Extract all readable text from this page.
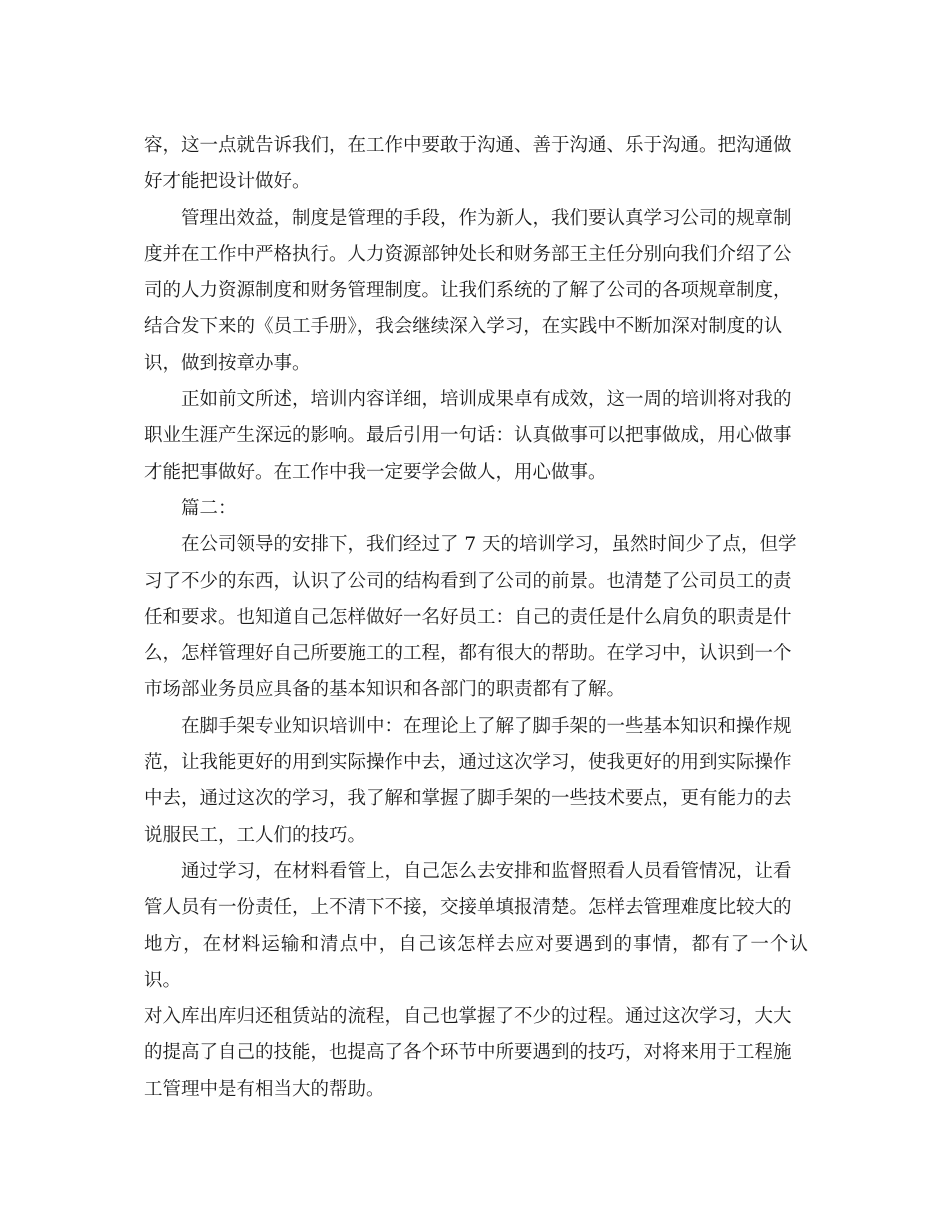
容，这一点就告诉我们，在工作中要敢于沟通、善于沟通、乐于沟通。把沟通做
好才能把设计做好。

管理出效益，制度是管理的手段，作为新人，我们要认真学习公司的规章制
度并在工作中严格执行。人力资源部钟处长和财务部王主任分别向我们介绍了公
司的人力资源制度和财务管理制度。让我们系统的了解了公司的各项规章制度，
结合发下来的《员工手册》，我会继续深入学习，在实践中不断加深对制度的认
识，做到按章办事。

正如前文所述，培训内容详细，培训成果卓有成效，这一周的培训将对我的
职业生涯产生深远的影响。最后引用一句话：认真做事可以把事做成，用心做事
才能把事做好。在工作中我一定要学会做人，用心做事。

篇二：

在公司领导的安排下，我们经过了 7 天的培训学习，虽然时间少了点，但学
习了不少的东西，认识了公司的结构看到了公司的前景。也清楚了公司员工的责
任和要求。也知道自己怎样做好一名好员工：自己的责任是什么肩负的职责是什
么，怎样管理好自己所要施工的工程，都有很大的帮助。在学习中，认识到一个
市场部业务员应具备的基本知识和各部门的职责都有了解。

在脚手架专业知识培训中：在理论上了解了脚手架的一些基本知识和操作规
范，让我能更好的用到实际操作中去，通过这次学习，使我更好的用到实际操作
中去，通过这次的学习，我了解和掌握了脚手架的一些技术要点，更有能力的去
说服民工，工人们的技巧。

通过学习，在材料看管上，自己怎么去安排和监督照看人员看管情况，让看
管人员有一份责任，上不清下不接，交接单填报清楚。怎样去管理难度比较大的
地方，在材料运输和清点中，自己该怎样去应对要遇到的事情，都有了一个认识。
对入库出库归还租赁站的流程，自己也掌握了不少的过程。通过这次学习，大大
的提高了自己的技能，也提高了各个环节中所要遇到的技巧，对将来用于工程施
工管理中是有相当大的帮助。
